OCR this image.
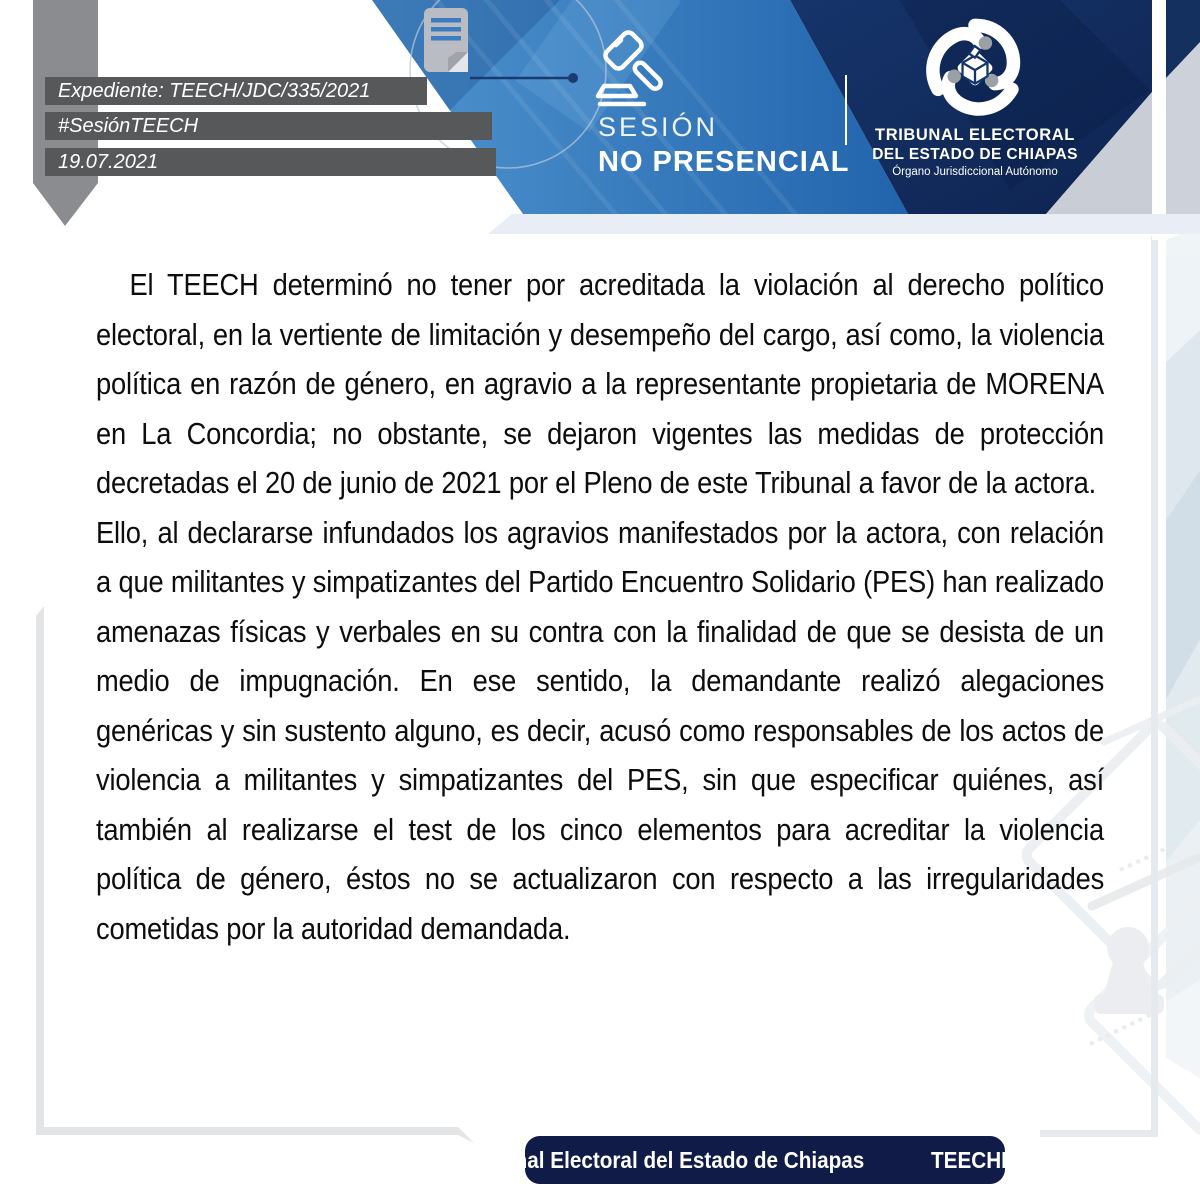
Expediente: TEECH/JDC/335/2021
#SesiónTEECH
19.07.2021
SESIÓN
NO PRESENCIAL
TRIBUNAL ELECTORAL
DEL ESTADO DE CHIAPAS
Órgano Jurisdiccional Autónomo

El TEECH determinó no tener por acreditada la violación al derecho político electoral, en la vertiente de limitación y desempeño del cargo, así como, la violencia política en razón de género, en agravio a la representante propietaria de MORENA en La Concordia; no obstante, se dejaron vigentes las medidas de protección decretadas el 20 de junio de 2021 por el Pleno de este Tribunal a favor de la actora.

Ello, al declararse infundados los agravios manifestados por la actora, con relación a que militantes y simpatizantes del Partido Encuentro Solidario (PES) han realizado amenazas físicas y verbales en su contra con la finalidad de que se desista de un medio de impugnación. En ese sentido, la demandante realizó alegaciones genéricas y sin sustento alguno, es decir, acusó como responsables de los actos de violencia a militantes y simpatizantes del PES, sin que especificar quiénes, así también al realizarse el test de los cinco elementos para acreditar la violencia política de género, éstos no se actualizaron con respecto a las irregularidades cometidas por la autoridad demandada.

Tribunal Electoral del Estado de Chiapas	TEECHIAPAS
